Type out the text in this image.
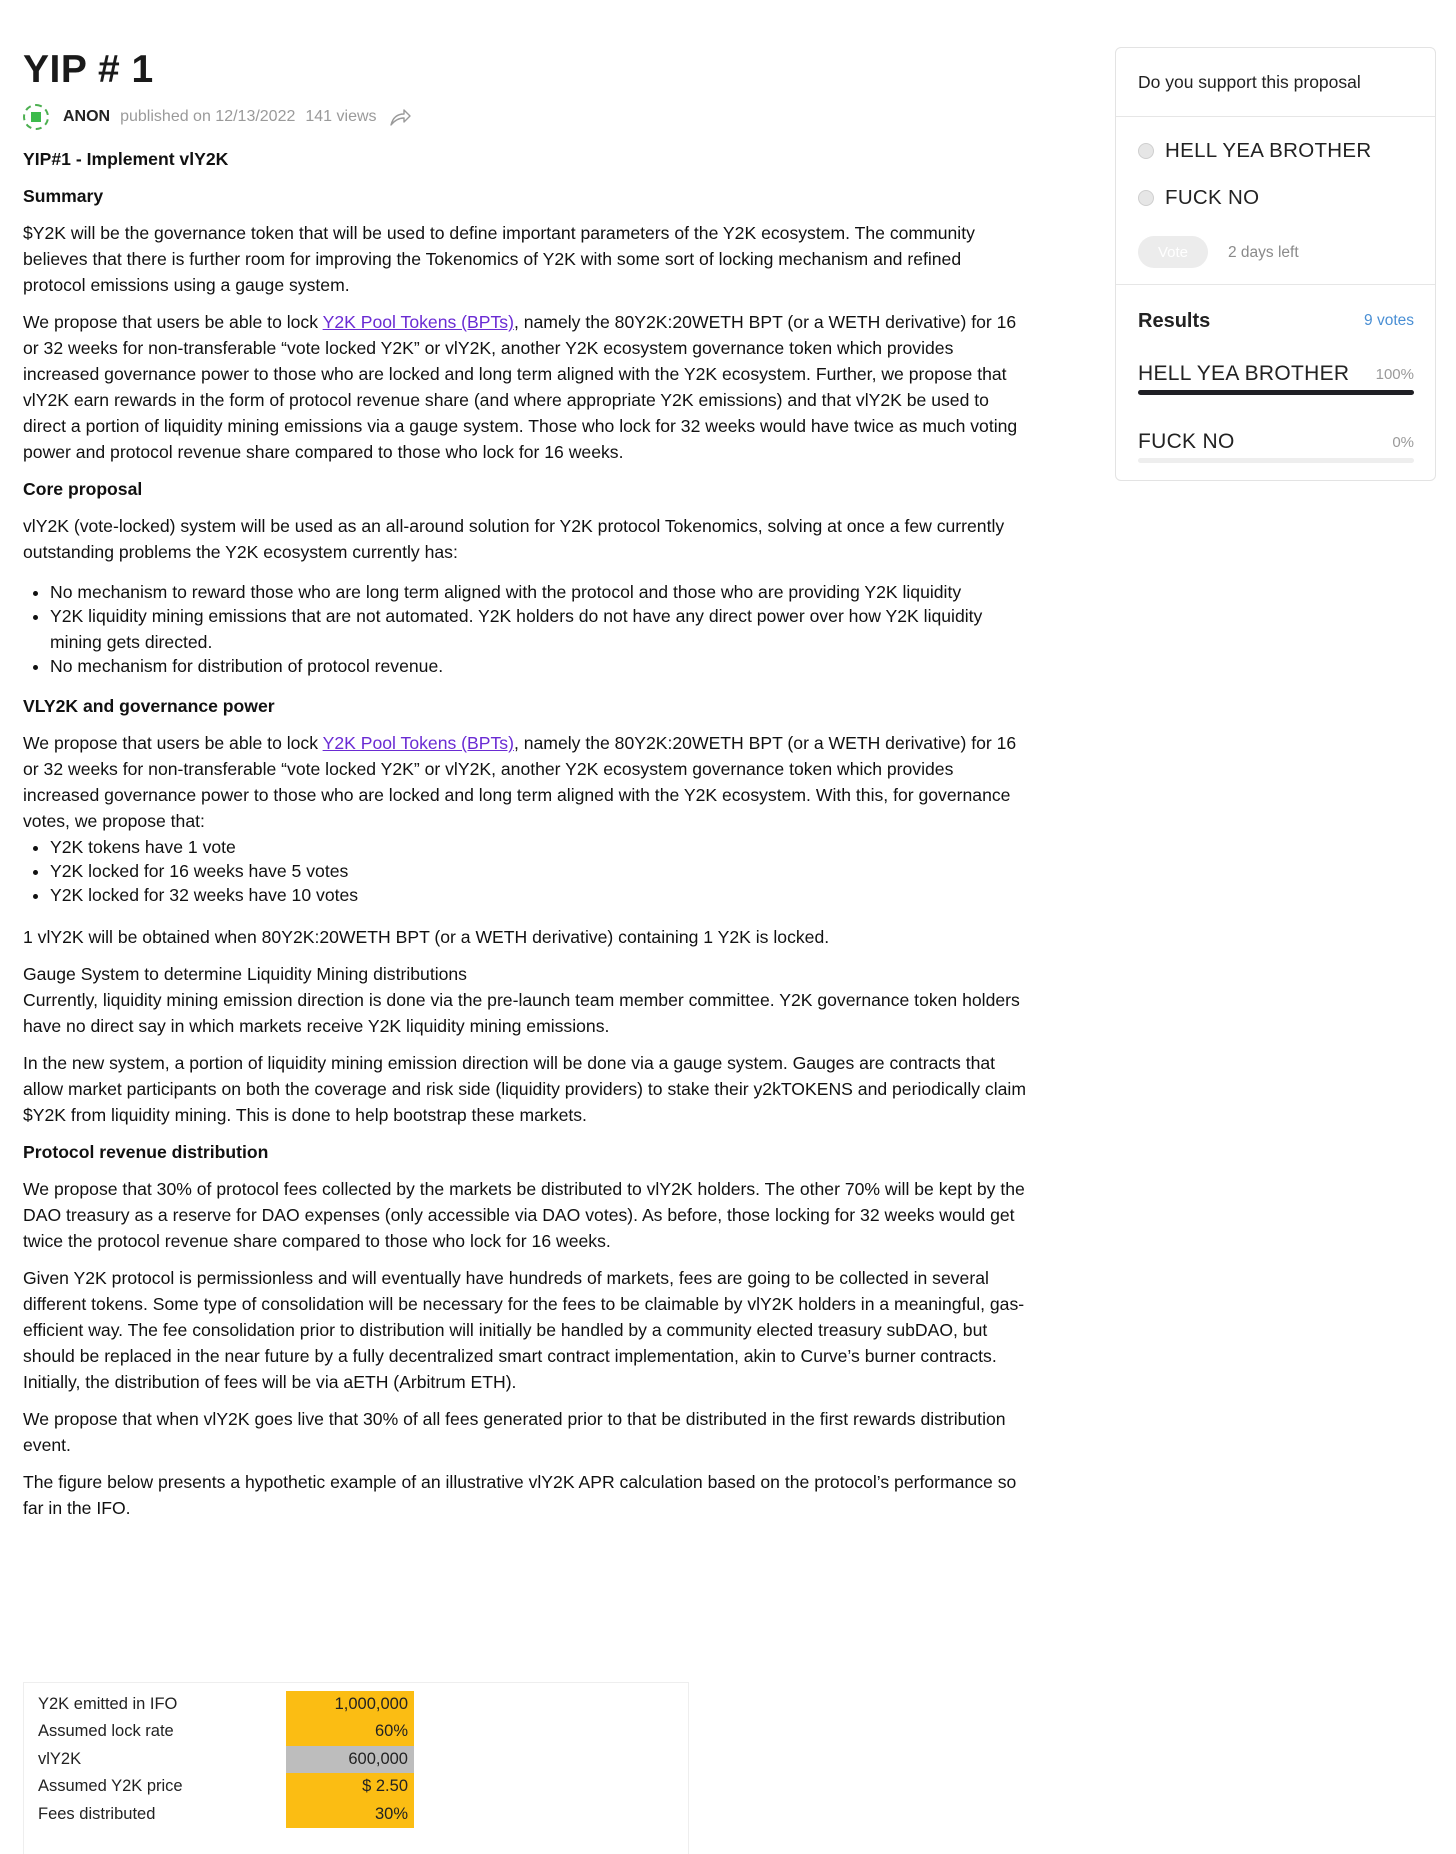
YIP # 1
ANON published on 12/13/2022 141 views

YIP#1 - Implement vlY2K

Summary

$Y2K will be the governance token that will be used to define important parameters of the Y2K ecosystem. The community believes that there is further room for improving the Tokenomics of Y2K with some sort of locking mechanism and refined protocol emissions using a gauge system.

We propose that users be able to lock Y2K Pool Tokens (BPTs), namely the 80Y2K:20WETH BPT (or a WETH derivative) for 16 or 32 weeks for non-transferable “vote locked Y2K” or vlY2K, another Y2K ecosystem governance token which provides increased governance power to those who are locked and long term aligned with the Y2K ecosystem. Further, we propose that vlY2K earn rewards in the form of protocol revenue share (and where appropriate Y2K emissions) and that vlY2K be used to direct a portion of liquidity mining emissions via a gauge system. Those who lock for 32 weeks would have twice as much voting power and protocol revenue share compared to those who lock for 16 weeks.

Core proposal

vlY2K (vote-locked) system will be used as an all-around solution for Y2K protocol Tokenomics, solving at once a few currently outstanding problems the Y2K ecosystem currently has:

• No mechanism to reward those who are long term aligned with the protocol and those who are providing Y2K liquidity
• Y2K liquidity mining emissions that are not automated. Y2K holders do not have any direct power over how Y2K liquidity mining gets directed.
• No mechanism for distribution of protocol revenue.

VLY2K and governance power

We propose that users be able to lock Y2K Pool Tokens (BPTs), namely the 80Y2K:20WETH BPT (or a WETH derivative) for 16 or 32 weeks for non-transferable “vote locked Y2K” or vlY2K, another Y2K ecosystem governance token which provides increased governance power to those who are locked and long term aligned with the Y2K ecosystem. With this, for governance votes, we propose that:

• Y2K tokens have 1 vote
• Y2K locked for 16 weeks have 5 votes
• Y2K locked for 32 weeks have 10 votes

1 vlY2K will be obtained when 80Y2K:20WETH BPT (or a WETH derivative) containing 1 Y2K is locked.

Gauge System to determine Liquidity Mining distributions
Currently, liquidity mining emission direction is done via the pre-launch team member committee. Y2K governance token holders have no direct say in which markets receive Y2K liquidity mining emissions.

In the new system, a portion of liquidity mining emission direction will be done via a gauge system. Gauges are contracts that allow market participants on both the coverage and risk side (liquidity providers) to stake their y2kTOKENS and periodically claim $Y2K from liquidity mining. This is done to help bootstrap these markets.

Protocol revenue distribution

We propose that 30% of protocol fees collected by the markets be distributed to vlY2K holders. The other 70% will be kept by the DAO treasury as a reserve for DAO expenses (only accessible via DAO votes). As before, those locking for 32 weeks would get twice the protocol revenue share compared to those who lock for 16 weeks.

Given Y2K protocol is permissionless and will eventually have hundreds of markets, fees are going to be collected in several different tokens. Some type of consolidation will be necessary for the fees to be claimable by vlY2K holders in a meaningful, gas-efficient way. The fee consolidation prior to distribution will initially be handled by a community elected treasury subDAO, but should be replaced in the near future by a fully decentralized smart contract implementation, akin to Curve’s burner contracts. Initially, the distribution of fees will be via aETH (Arbitrum ETH).

We propose that when vlY2K goes live that 30% of all fees generated prior to that be distributed in the first rewards distribution event.

The figure below presents a hypothetic example of an illustrative vlY2K APR calculation based on the protocol’s performance so far in the IFO.

Y2K emitted in IFO	1,000,000
Assumed lock rate	60%
vlY2K	600,000
Assumed Y2K price	$ 2.50
Fees distributed	30%
Do you support this proposal
HELL YEA BROTHER
FUCK NO
Vote	2 days left
Results	9 votes
HELL YEA BROTHER	100%
FUCK NO	0%
